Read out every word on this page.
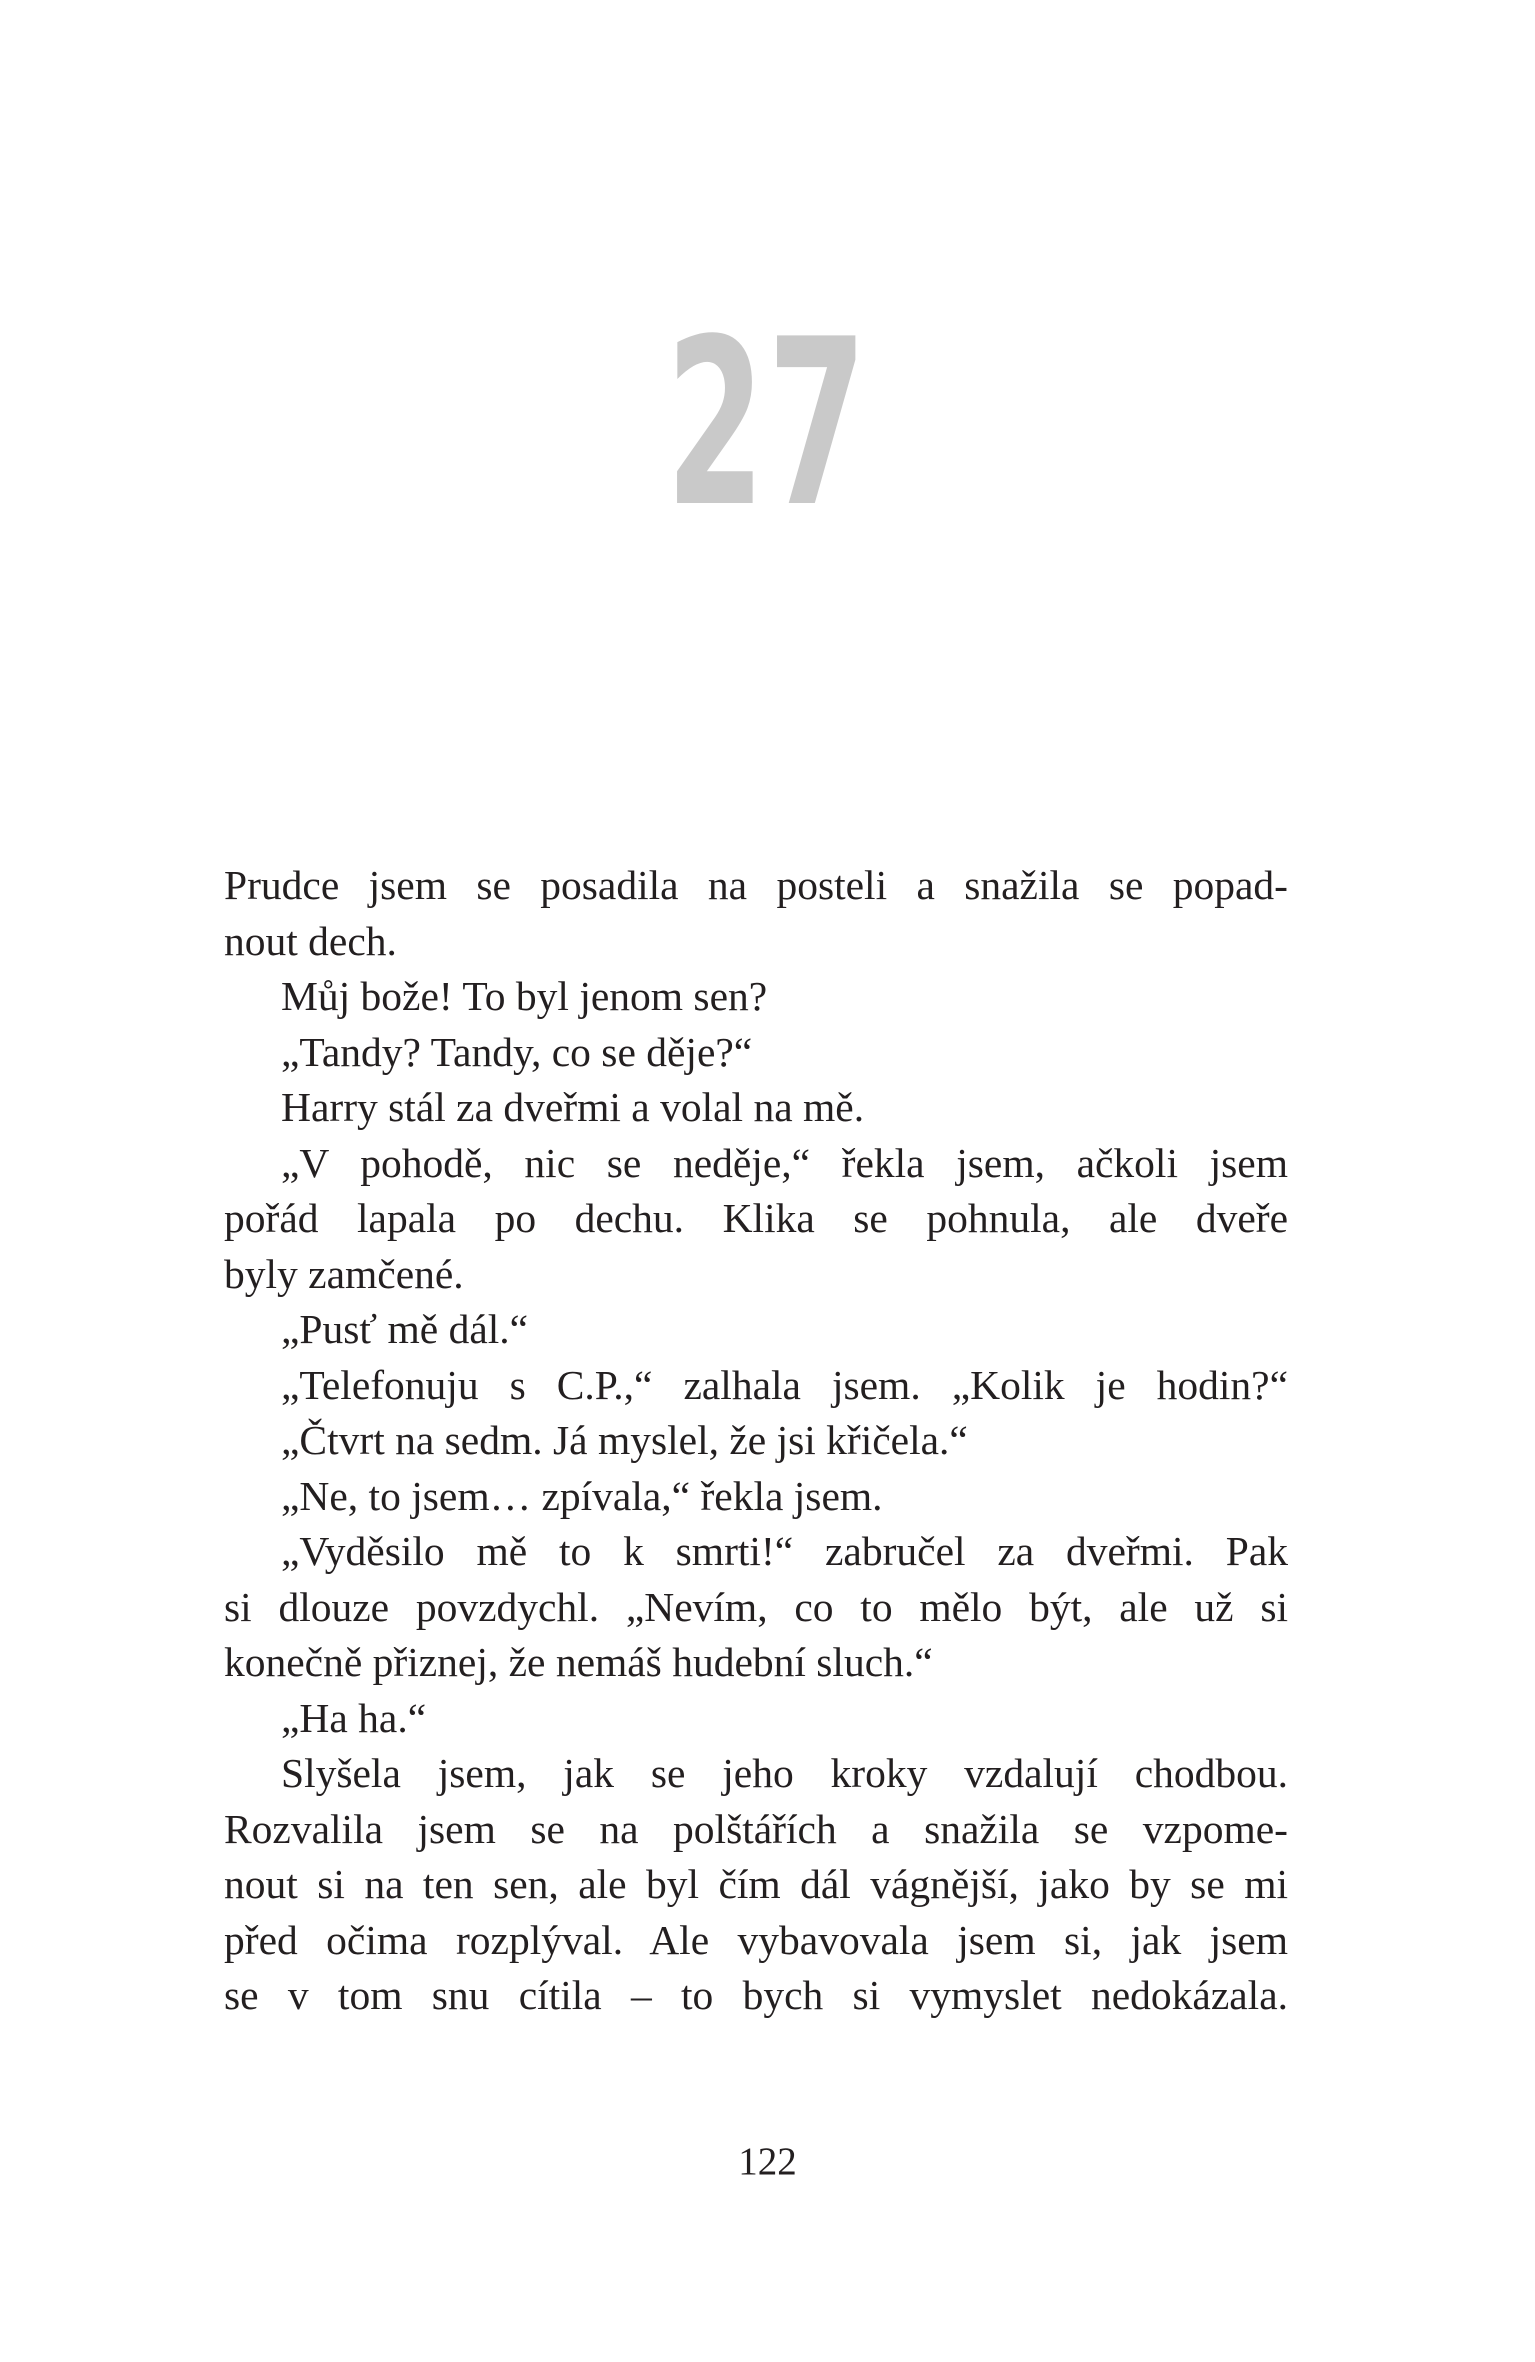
27
Prudce jsem se posadila na posteli a snažila se popad-
nout dech.
Můj bože! To byl jenom sen?
„Tandy? Tandy, co se děje?“
Harry stál za dveřmi a volal na mě.
„V pohodě, nic se neděje,“ řekla jsem, ačkoli jsem
pořád lapala po dechu. Klika se pohnula, ale dveře
byly zamčené.
„Pusť mě dál.“
„Telefonuju s C.P.,“ zalhala jsem. „Kolik je hodin?“
„Čtvrt na sedm. Já myslel, že jsi křičela.“
„Ne, to jsem… zpívala,“ řekla jsem.
„Vyděsilo mě to k smrti!“ zabručel za dveřmi. Pak
si dlouze povzdychl. „Nevím, co to mělo být, ale už si
konečně přiznej, že nemáš hudební sluch.“
„Ha ha.“
Slyšela jsem, jak se jeho kroky vzdalují chodbou.
Rozvalila jsem se na polštářích a snažila se vzpome-
nout si na ten sen, ale byl čím dál vágnější, jako by se mi
před očima rozplýval. Ale vybavovala jsem si, jak jsem
se v tom snu cítila – to bych si vymyslet nedokázala.
122
